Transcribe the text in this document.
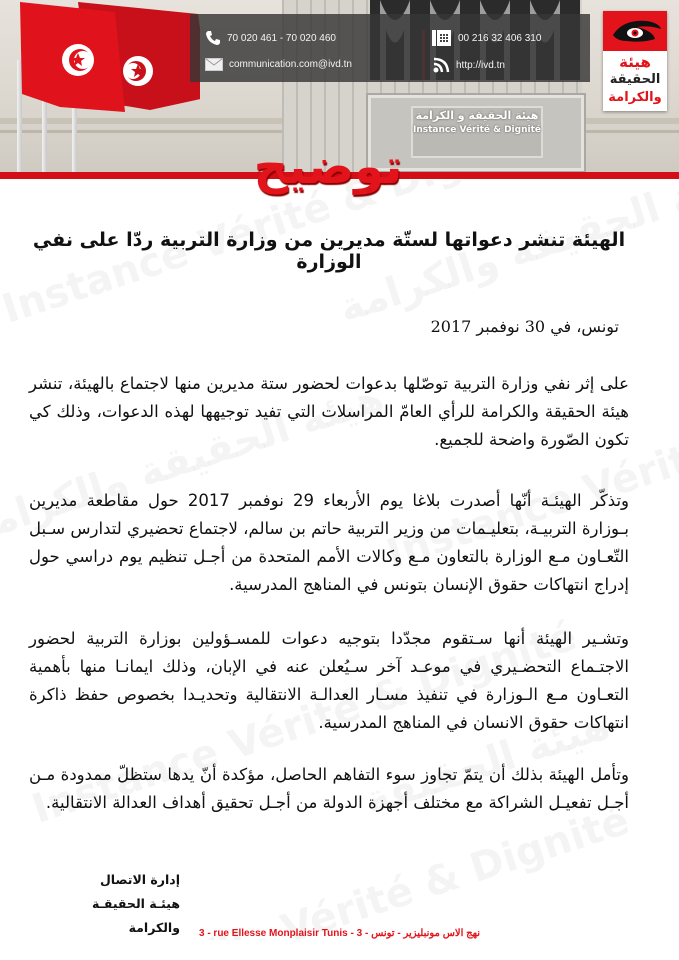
هيئة الحقيقة و الكرامة
Instance Vérité & Dignité
70 020 461 - 70 020 460
communication.com@ivd.tn
00 216 32 406 310
http://ivd.tn	هيئة
الحقيقة
والكرامة
توضيح
الهيئة تنشر دعواتها لستّة مديرين من وزارة التربية ردّا على نفي الوزارة
تونس، في 30 نوفمبر 2017
على إثر نفي وزارة التربية توصّلها بدعوات لحضور ستة مديرين منها لاجتماع بالهيئة، تنشر هيئة الحقيقة والكرامة للرأي العامّ المراسلات التي تفيد توجيهها لهذه الدعوات، وذلك كي تكون الصّورة واضحة للجميع.
وتذكّر الهيئـة أنّها أصدرت بلاغا يوم الأربعاء 29 نوفمبر 2017 حول مقاطعة مديرين بـوزارة التربيـة، بتعليـمات من وزير التربية حاتم بن سالم، لاجتماع تحضيري لتدارس سـبل التّعـاون مـع الوزارة بالتعاون مـع وكالات الأمم المتحدة من أجـل تنظيم يوم دراسي حول إدراج انتهاكات حقوق الإنسان بتونس في المناهج المدرسية.
وتشـير الهيئة أنها سـتقوم مجدّدا بتوجيه دعوات للمسـؤولين بوزارة التربية لحضور الاجتـماع التحضـيري في موعـد آخر سـيُعلن عنه في الإبان، وذلك ايمانـا منها بأهمية التعـاون مـع الـوزارة في تنفيذ مسـار العدالـة الانتقالية وتحديـدا بخصوص حفظ ذاكرة انتهاكات حقوق الانسان في المناهج المدرسية.
وتأمل الهيئة بذلك أن يتمّ تجاوز سوء التفاهم الحاصل، مؤكدة أنّ يدها ستظلّ ممدودة مـن أجـل تفعيـل الشراكة مع مختلف أجهزة الدولة من أجـل تحقيق أهداف العدالة الانتقالية.
إدارة الاتصال
هيئـة الحقيقـة والكرامة	3 - rue Ellesse Monplaisir Tunis - 3 - نهج الاس مونبليزير - تونس
